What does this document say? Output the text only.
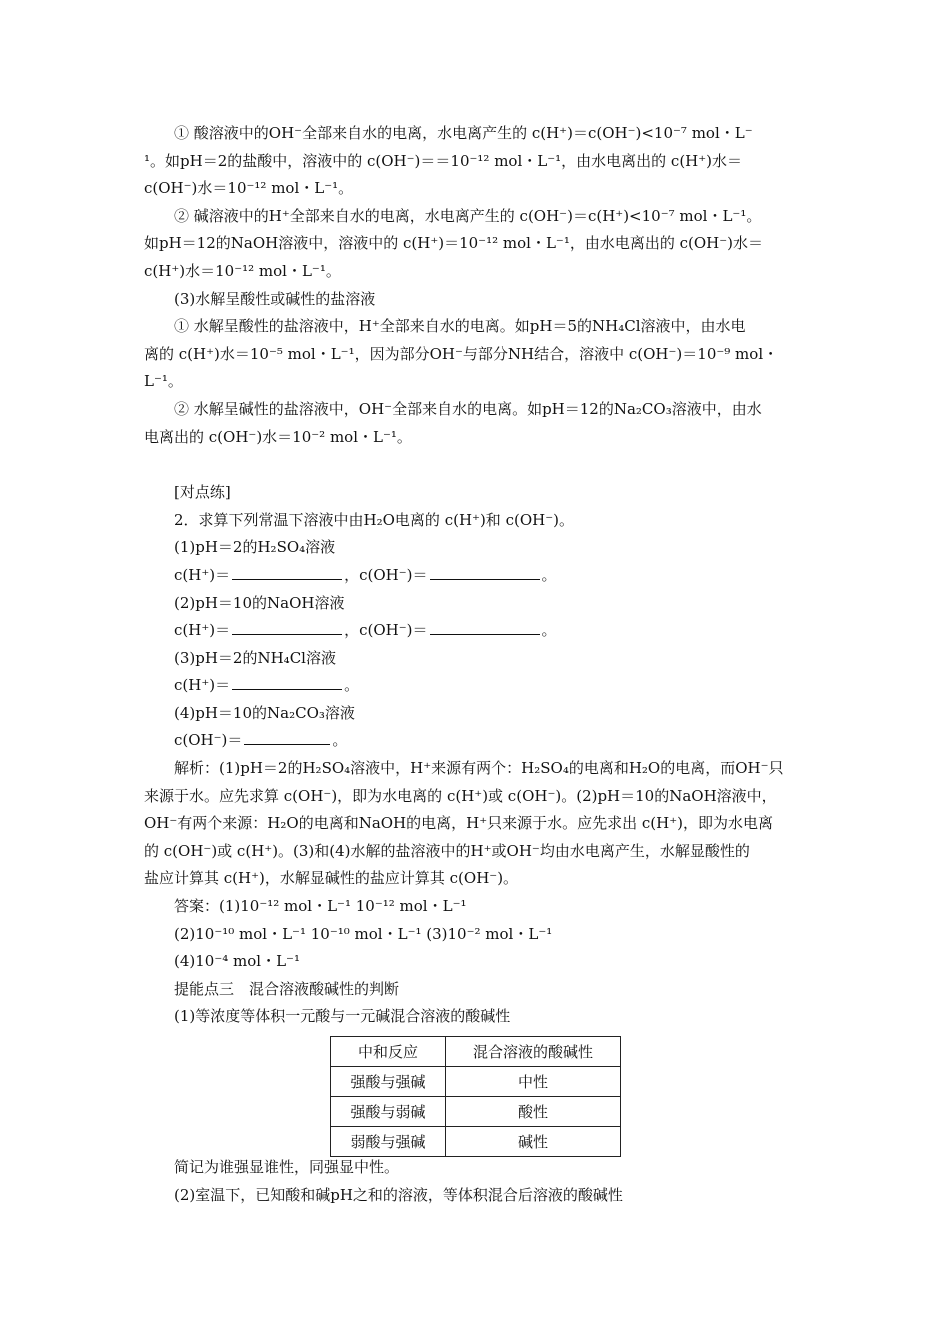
① 酸溶液中的OH⁻全部来自水的电离，水电离产生的 c(H⁺)＝c(OH⁻)<10⁻⁷ mol・L⁻

¹。如pH＝2的盐酸中，溶液中的 c(OH⁻)＝＝10⁻¹² mol・L⁻¹，由水电离出的 c(H⁺)水＝

c(OH⁻)水＝10⁻¹² mol・L⁻¹。

② 碱溶液中的H⁺全部来自水的电离，水电离产生的 c(OH⁻)＝c(H⁺)<10⁻⁷ mol・L⁻¹。

如pH＝12的NaOH溶液中，溶液中的 c(H⁺)＝10⁻¹² mol・L⁻¹，由水电离出的 c(OH⁻)水＝

c(H⁺)水＝10⁻¹² mol・L⁻¹。

(3)水解呈酸性或碱性的盐溶液

① 水解呈酸性的盐溶液中，H⁺全部来自水的电离。如pH＝5的NH₄Cl溶液中，由水电

离的 c(H⁺)水＝10⁻⁵ mol・L⁻¹，因为部分OH⁻与部分NH结合，溶液中 c(OH⁻)＝10⁻⁹ mol・

L⁻¹。

② 水解呈碱性的盐溶液中，OH⁻全部来自水的电离。如pH＝12的Na₂CO₃溶液中，由水

电离出的 c(OH⁻)水＝10⁻² mol・L⁻¹。

[对点练]

2．求算下列常温下溶液中由H₂O电离的 c(H⁺)和 c(OH⁻)。

(1)pH＝2的H₂SO₄溶液

c(H⁺)＝	，c(OH⁻)＝	。

(2)pH＝10的NaOH溶液

c(H⁺)＝	，c(OH⁻)＝	。

(3)pH＝2的NH₄Cl溶液

c(H⁺)＝	。

(4)pH＝10的Na₂CO₃溶液

c(OH⁻)＝	。

解析：(1)pH＝2的H₂SO₄溶液中，H⁺来源有两个：H₂SO₄的电离和H₂O的电离，而OH⁻只

来源于水。应先求算 c(OH⁻)，即为水电离的 c(H⁺)或 c(OH⁻)。(2)pH＝10的NaOH溶液中，

OH⁻有两个来源：H₂O的电离和NaOH的电离，H⁺只来源于水。应先求出 c(H⁺)，即为水电离

的 c(OH⁻)或 c(H⁺)。(3)和(4)水解的盐溶液中的H⁺或OH⁻均由水电离产生，水解显酸性的

盐应计算其 c(H⁺)，水解显碱性的盐应计算其 c(OH⁻)。

答案：(1)10⁻¹² mol・L⁻¹ 10⁻¹² mol・L⁻¹

(2)10⁻¹⁰ mol・L⁻¹ 10⁻¹⁰ mol・L⁻¹ (3)10⁻² mol・L⁻¹

(4)10⁻⁴ mol・L⁻¹

提能点三　混合溶液酸碱性的判断

(1)等浓度等体积一元酸与一元碱混合溶液的酸碱性

中和反应	混合溶液的酸碱性
强酸与强碱	中性
强酸与弱碱	酸性
弱酸与强碱	碱性

简记为谁强显谁性，同强显中性。

(2)室温下，已知酸和碱pH之和的溶液，等体积混合后溶液的酸碱性
